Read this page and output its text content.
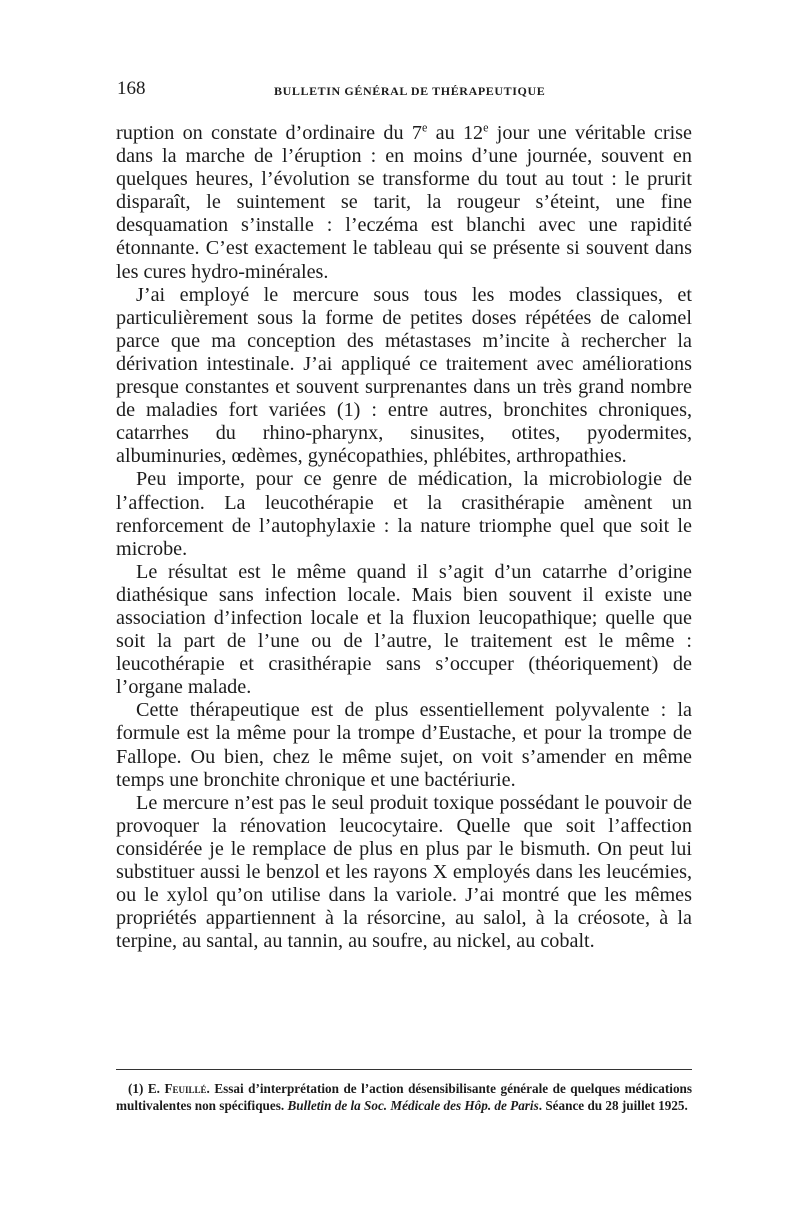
168	BULLETIN GÉNÉRAL DE THÉRAPEUTIQUE

ruption on constate d’ordinaire du 7e au 12e jour une véritable crise dans la marche de l’éruption : en moins d’une journée, souvent en quelques heures, l’évolution se transforme du tout au tout : le prurit disparaît, le suintement se tarit, la rougeur s’éteint, une fine desquamation s’installe : l’eczéma est blanchi avec une rapidité étonnante. C’est exactement le tableau qui se présente si souvent dans les cures hydro-minérales.

J’ai employé le mercure sous tous les modes classiques, et particulièrement sous la forme de petites doses répétées de calomel parce que ma conception des métastases m’incite à rechercher la dérivation intestinale. J’ai appliqué ce traitement avec améliorations presque constantes et souvent surprenantes dans un très grand nombre de maladies fort variées (1) : entre autres, bronchites chroniques, catarrhes du rhino-pharynx, sinusites, otites, pyodermites, albuminuries, œdèmes, gynécopathies, phlébites, arthropathies.

Peu importe, pour ce genre de médication, la microbiologie de l’affection. La leucothérapie et la crasithérapie amènent un renforcement de l’autophylaxie : la nature triomphe quel que soit le microbe.

Le résultat est le même quand il s’agit d’un catarrhe d’origine diathésique sans infection locale. Mais bien souvent il existe une association d’infection locale et la fluxion leucopathique; quelle que soit la part de l’une ou de l’autre, le traitement est le même : leucothérapie et crasithérapie sans s’occuper (théoriquement) de l’organe malade.

Cette thérapeutique est de plus essentiellement polyvalente : la formule est la même pour la trompe d’Eustache, et pour la trompe de Fallope. Ou bien, chez le même sujet, on voit s’amender en même temps une bronchite chronique et une bactériurie.

Le mercure n’est pas le seul produit toxique possédant le pouvoir de provoquer la rénovation leucocytaire. Quelle que soit l’affection considérée je le remplace de plus en plus par le bismuth. On peut lui substituer aussi le benzol et les rayons X employés dans les leucémies, ou le xylol qu’on utilise dans la variole. J’ai montré que les mêmes propriétés appartiennent à la résorcine, au salol, à la créosote, à la terpine, au santal, au tannin, au soufre, au nickel, au cobalt.

(1) E. Feuillé. Essai d’interprétation de l’action désensibilisante générale de quelques médications multivalentes non spécifiques. Bulletin de la Soc. Médicale des Hôp. de Paris. Séance du 28 juillet 1925.
